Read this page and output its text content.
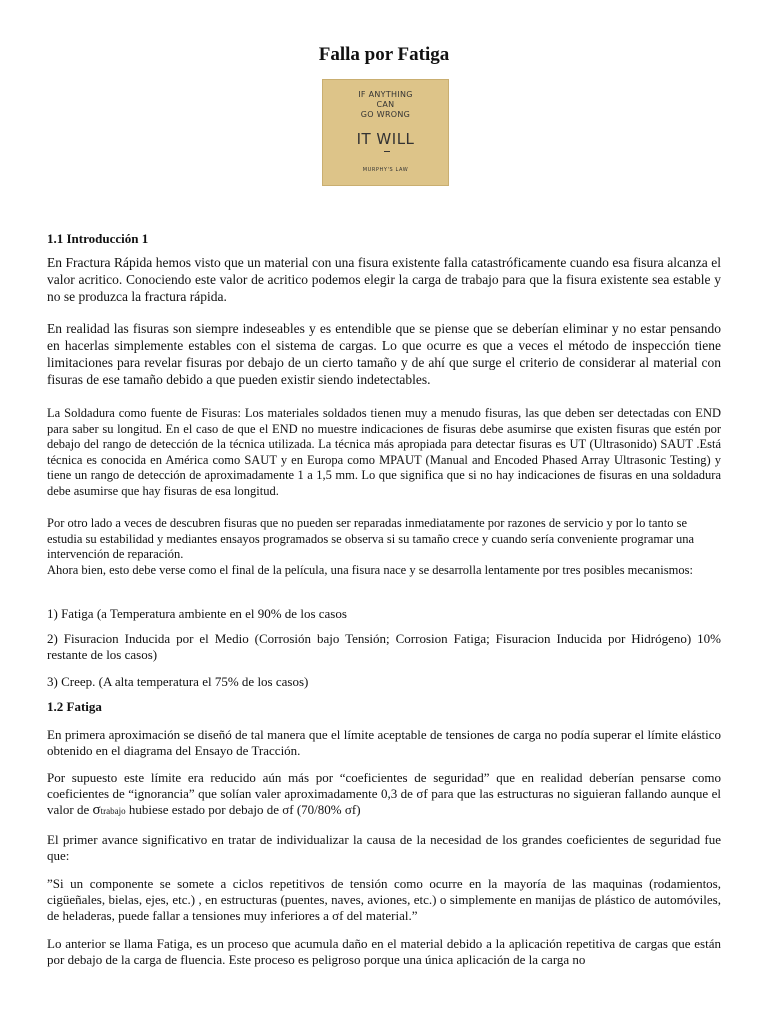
Falla por Fatiga
IF ANYTHING
CAN
GO WRONG
IT WILL
MURPHY'S LAW
1.1 Introducción 1

En Fractura Rápida hemos visto que un material con una fisura existente falla catastróficamente cuando esa fisura alcanza el valor acritico. Conociendo este valor de acritico podemos elegir la carga de trabajo para que la fisura existente sea estable y no se produzca la fractura rápida.

En realidad las fisuras son siempre indeseables y es entendible que se piense que se deberían eliminar y no estar pensando en hacerlas simplemente estables con el sistema de cargas. Lo que ocurre es que a veces el método de inspección tiene limitaciones para revelar fisuras por debajo de un cierto tamaño y de ahí que surge el criterio de considerar al material con fisuras de ese tamaño debido a que pueden existir siendo indetectables.

La Soldadura como fuente de Fisuras: Los materiales soldados tienen muy a menudo fisuras, las que deben ser detectadas con END para saber su longitud. En el caso de que el END no muestre indicaciones de fisuras debe asumirse que existen fisuras que estén por debajo del rango de detección de la técnica utilizada. La técnica más apropiada para detectar fisuras es UT (Ultrasonido) SAUT .Está técnica es conocida en América como SAUT y en Europa como MPAUT (Manual and Encoded Phased Array Ultrasonic Testing) y tiene un rango de detección de aproximadamente 1 a 1,5 mm. Lo que significa que si no hay indicaciones de fisuras en una soldadura debe asumirse que hay fisuras de esa longitud.

Por otro lado a veces de descubren fisuras que no pueden ser reparadas inmediatamente por razones de servicio y por lo tanto se estudia su estabilidad y mediantes ensayos programados se observa si su tamaño crece y cuando sería conveniente programar una intervención de reparación.

Ahora bien, esto debe verse como el final de la película, una fisura nace y se desarrolla lentamente por tres posibles mecanismos:

1) Fatiga (a Temperatura ambiente en el 90% de los casos

2) Fisuracion Inducida por el Medio (Corrosión bajo Tensión; Corrosion Fatiga; Fisuracion Inducida por Hidrógeno) 10% restante de los casos)

3) Creep. (A alta temperatura el 75% de los casos)

1.2 Fatiga

En primera aproximación se diseñó de tal manera que el límite aceptable de tensiones de carga no podía superar el límite elástico obtenido en el diagrama del Ensayo de Tracción.

Por supuesto este límite era reducido aún más por “coeficientes de seguridad” que en realidad deberían pensarse como coeficientes de “ignorancia” que solían valer aproximadamente 0,3 de σf para que las estructuras no siguieran fallando aunque el valor de σtrabajo hubiese estado por debajo de σf (70/80% σf)

El primer avance significativo en tratar de individualizar la causa de la necesidad de los grandes coeficientes de seguridad fue que:

”Si un componente se somete a ciclos repetitivos de tensión como ocurre en la mayoría de las maquinas (rodamientos, cigüeñales, bielas, ejes, etc.) , en estructuras (puentes, naves, aviones, etc.) o simplemente en manijas de plástico de automóviles, de heladeras, puede fallar a tensiones muy inferiores a σf del material.”

Lo anterior se llama Fatiga, es un proceso que acumula daño en el material debido a la aplicación repetitiva de cargas que están por debajo de la carga de fluencia. Este proceso es peligroso porque una única aplicación de la carga no
